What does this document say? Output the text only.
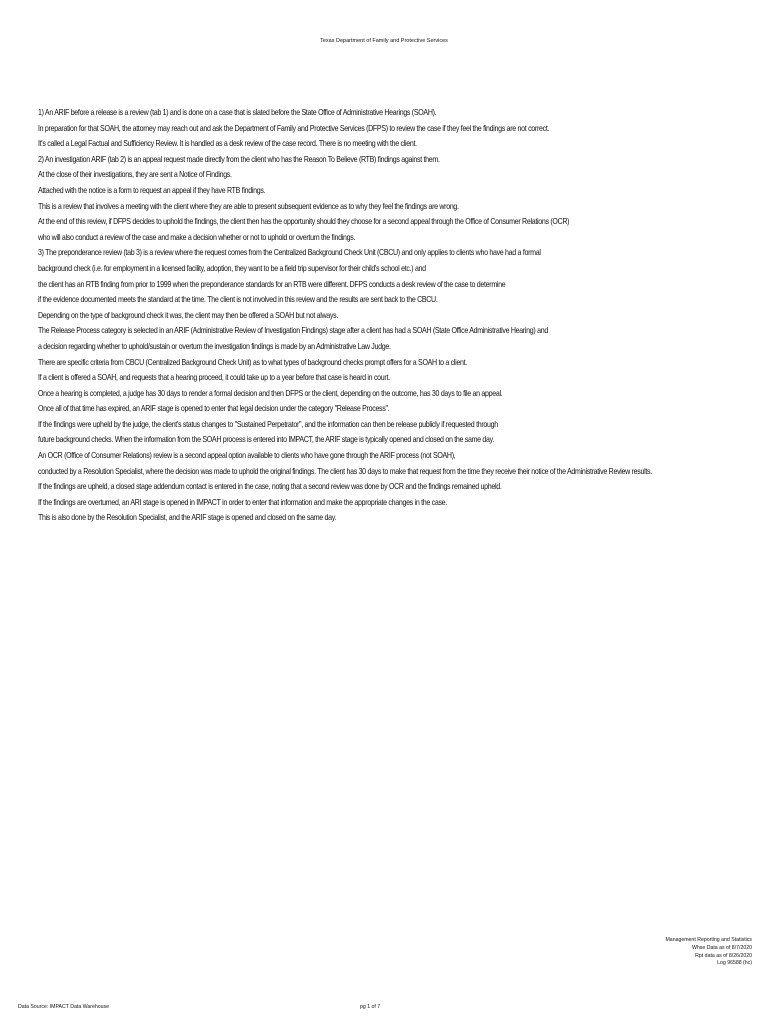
Texas Department of Family and Protective Services
1) An ARIF before a release is a review (tab 1) and is done on a case that is slated before the State Office of Administrative Hearings (SOAH).
In preparation for that SOAH, the attorney may reach out and ask the Department of Family and Protective Services (DFPS) to review the case if they feel the findings are not correct.
It's called a Legal Factual and Sufficiency Review. It is handled as a desk review of the case record. There is no meeting with the client.
2) An investigation ARIF (tab 2) is an appeal request made directly from the client who has the Reason To Believe (RTB) findings against them.
At the close of their investigations, they are sent a Notice of Findings.
Attached with the notice is a form to request an appeal if they have RTB findings.
This is a review that involves a meeting with the client where they are able to present subsequent evidence as to why they feel the findings are wrong.
At the end of this review, if DFPS decides to uphold the findings, the client then has the opportunity should they choose for a second appeal through the Office of Consumer Relations (OCR)
who will also conduct a review of the case and make a decision whether or not to uphold or overturn the findings.
3) The preponderance review (tab 3) is a review where the request comes from the Centralized Background Check Unit (CBCU) and only applies to clients who have had a formal
background check (i.e. for employment in a licensed facility, adoption, they want to be a field trip supervisor for their child's school etc.) and
the client has an RTB finding from prior to 1999 when the preponderance standards for an RTB were different. DFPS conducts a desk review of the case to determine
if the evidence documented meets the standard at the time. The client is not involved in this review and the results are sent back to the CBCU.
Depending on the type of background check it was, the client may then be offered a SOAH but not always.
The Release Process category is selected in an ARIF (Administrative Review of Investigation Findings) stage after a client has had a SOAH (State Office Administrative Hearing) and
a decision regarding whether to uphold/sustain or overturn the investigation findings is made by an Administrative Law Judge.
There are specific criteria from CBCU (Centralized Background Check Unit) as to what types of background checks prompt offers for a SOAH to a client.
If a client is offered a SOAH, and requests that a hearing proceed, it could take up to a year before that case is heard in court.
Once a hearing is completed, a judge has 30 days to render a formal decision and then DFPS or the client, depending on the outcome, has 30 days to file an appeal.
Once all of that time has expired, an ARIF stage is opened to enter that legal decision under the category "Release Process".
If the findings were upheld by the judge, the client's status changes to "Sustained Perpetrator", and the information can then be release publicly if requested through
future background checks. When the information from the SOAH process is entered into IMPACT, the ARIF stage is typically opened and closed on the same day.
An OCR (Office of Consumer Relations) review is a second appeal option available to clients who have gone through the ARIF process (not SOAH),
conducted by a Resolution Specialist, where the decision was made to uphold the original findings. The client has 30 days to make that request from the time they receive their notice of the Administrative Review results.
If the findings are upheld, a closed stage addendum contact is entered in the case, noting that a second review was done by OCR and the findings remained upheld.
If the findings are overturned, an ARI stage is opened in IMPACT in order to enter that information and make the appropriate changes in the case.
This is also done by the Resolution Specialist, and the ARIF stage is opened and closed on the same day.
Management Reporting and Statistics
Whse Data as of 8/7/2020
Rpt data as of 8/26/2020
Log 96588 (hc)
Data Source: IMPACT Data Warehouse	pg 1 of 7
